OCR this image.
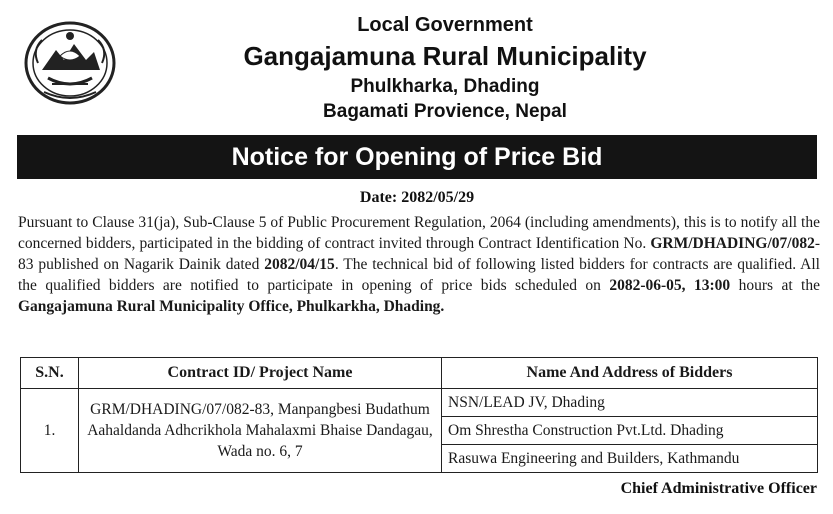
Local Government
Gangajamuna Rural Municipality
Phulkharka, Dhading
Bagamati Provience, Nepal
Notice for Opening of Price Bid
Date: 2082/05/29
Pursuant to Clause 31(ja), Sub-Clause 5 of Public Procurement Regulation, 2064 (including amendments), this is to notify all the concerned bidders, participated in the bidding of contract invited through Contract Identification No. GRM/DHADING/07/082-83 published on Nagarik Dainik dated 2082/04/15. The technical bid of following listed bidders for contracts are qualified. All the qualified bidders are notified to participate in opening of price bids scheduled on 2082-06-05, 13:00 hours at the Gangajamuna Rural Municipality Office, Phulkarkha, Dhading.
S.N.	Contract ID/ Project Name	Name And Address of Bidders
1.	GRM/DHADING/07/082-83, Manpangbesi Budathum Aahaldanda Adhcrikhola Mahalaxmi Bhaise Dandagau, Wada no. 6, 7	NSN/LEAD JV, Dhading
		Om Shrestha Construction Pvt.Ltd. Dhading
		Rasuwa Engineering and Builders, Kathmandu
Chief Administrative Officer
